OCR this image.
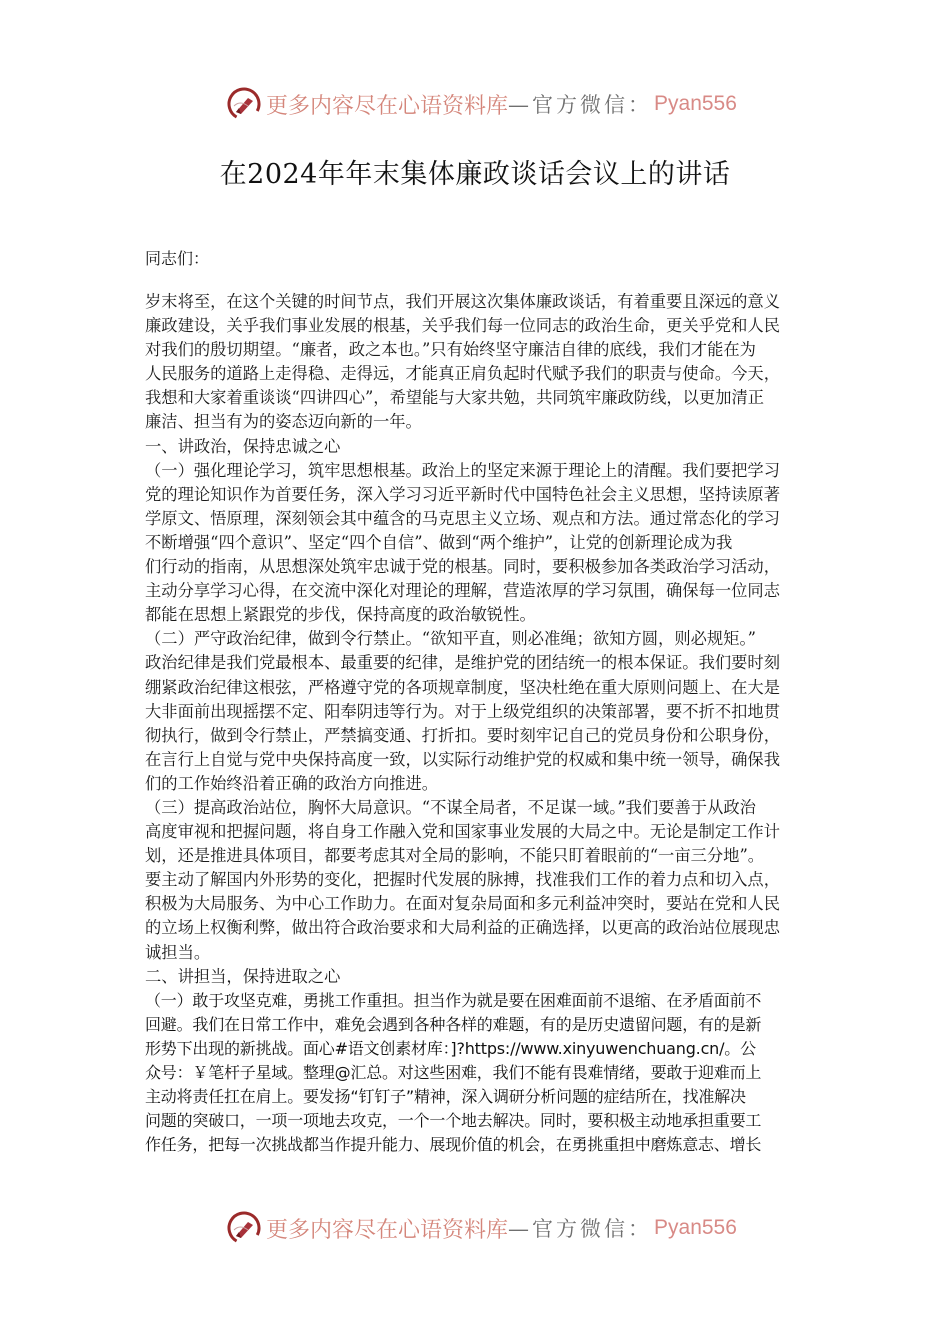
更多内容尽在心语资料库 —官方微信： Pyan556
在2024年年末集体廉政谈话会议上的讲话
同志们：
岁末将至，在这个关键的时间节点，我们开展这次集体廉政谈话，有着重要且深远的意义
廉政建设，关乎我们事业发展的根基，关乎我们每一位同志的政治生命，更关乎党和人民
对我们的殷切期望。“廉者，政之本也。”只有始终坚守廉洁自律的底线，我们才能在为
人民服务的道路上走得稳、走得远，才能真正肩负起时代赋予我们的职责与使命。今天，
我想和大家着重谈谈“四讲四心”，希望能与大家共勉，共同筑牢廉政防线，以更加清正
廉洁、担当有为的姿态迈向新的一年。
一、讲政治，保持忠诚之心
（一）强化理论学习，筑牢思想根基。政治上的坚定来源于理论上的清醒。我们要把学习
党的理论知识作为首要任务，深入学习习近平新时代中国特色社会主义思想，坚持读原著
学原文、悟原理，深刻领会其中蕴含的马克思主义立场、观点和方法。通过常态化的学习
不断增强“四个意识”、坚定“四个自信”、做到“两个维护”，让党的创新理论成为我
们行动的指南，从思想深处筑牢忠诚于党的根基。同时，要积极参加各类政治学习活动，
主动分享学习心得，在交流中深化对理论的理解，营造浓厚的学习氛围，确保每一位同志
都能在思想上紧跟党的步伐，保持高度的政治敏锐性。
（二）严守政治纪律，做到令行禁止。“欲知平直，则必准绳；欲知方圆，则必规矩。”
政治纪律是我们党最根本、最重要的纪律，是维护党的团结统一的根本保证。我们要时刻
绷紧政治纪律这根弦，严格遵守党的各项规章制度，坚决杜绝在重大原则问题上、在大是
大非面前出现摇摆不定、阳奉阴违等行为。对于上级党组织的决策部署，要不折不扣地贯
彻执行，做到令行禁止，严禁搞变通、打折扣。要时刻牢记自己的党员身份和公职身份，
在言行上自觉与党中央保持高度一致，以实际行动维护党的权威和集中统一领导，确保我
们的工作始终沿着正确的政治方向推进。
（三）提高政治站位，胸怀大局意识。“不谋全局者，不足谋一域。”我们要善于从政治
高度审视和把握问题，将自身工作融入党和国家事业发展的大局之中。无论是制定工作计
划，还是推进具体项目，都要考虑其对全局的影响，不能只盯着眼前的“一亩三分地”。
要主动了解国内外形势的变化，把握时代发展的脉搏，找准我们工作的着力点和切入点，
积极为大局服务、为中心工作助力。在面对复杂局面和多元利益冲突时，要站在党和人民
的立场上权衡利弊，做出符合政治要求和大局利益的正确选择，以更高的政治站位展现忠
诚担当。
二、讲担当，保持进取之心
（一）敢于攻坚克难，勇挑工作重担。担当作为就是要在困难面前不退缩、在矛盾面前不
回避。我们在日常工作中，难免会遇到各种各样的难题，有的是历史遗留问题，有的是新
形势下出现的新挑战。面心#语文创素材库：]?https://www.xinyuwenchuang.cn/。公
众号：￥笔杆子星域。整理@汇总。对这些困难，我们不能有畏难情绪，要敢于迎难而上
主动将责任扛在肩上。要发扬“钉钉子”精神，深入调研分析问题的症结所在，找准解决
问题的突破口，一项一项地去攻克，一个一个地去解决。同时，要积极主动地承担重要工
作任务，把每一次挑战都当作提升能力、展现价值的机会，在勇挑重担中磨炼意志、增长
更多内容尽在心语资料库 —官方微信： Pyan556
